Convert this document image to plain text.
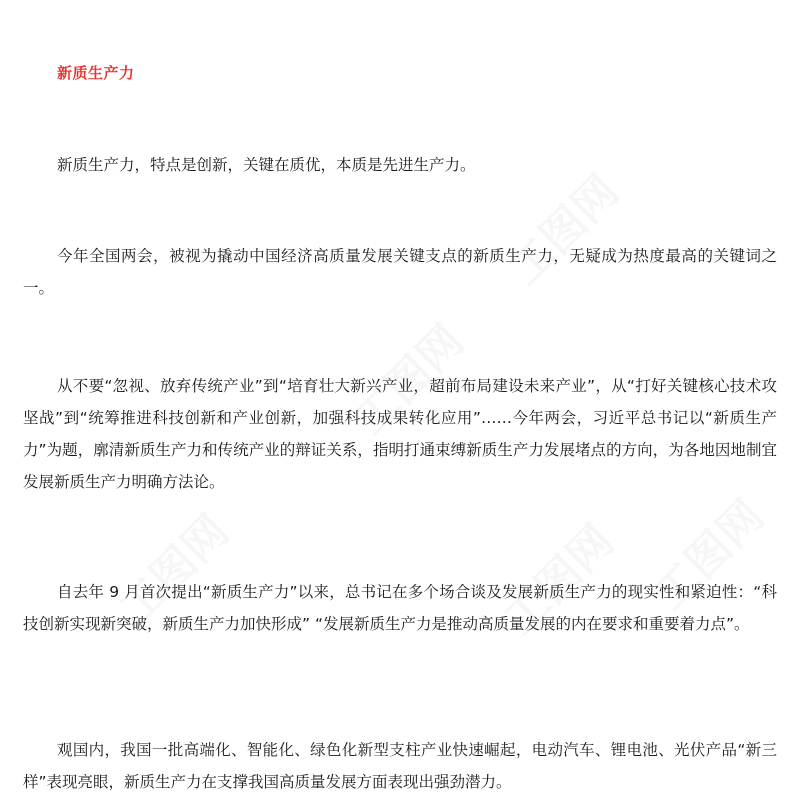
新质生产力

新质生产力，特点是创新，关键在质优，本质是先进生产力。

今年全国两会，被视为撬动中国经济高质量发展关键支点的新质生产力，无疑成为热度最高的关键词之一。

从不要“忽视、放弃传统产业”到“培育壮大新兴产业，超前布局建设未来产业”，从“打好关键核心技术攻坚战”到“统筹推进科技创新和产业创新，加强科技成果转化应用”……今年两会，习近平总书记以“新质生产力”为题，廓清新质生产力和传统产业的辩证关系，指明打通束缚新质生产力发展堵点的方向，为各地因地制宜发展新质生产力明确方法论。

自去年 9 月首次提出“新质生产力”以来，总书记在多个场合谈及发展新质生产力的现实性和紧迫性：“科技创新实现新突破，新质生产力加快形成” “发展新质生产力是推动高质量发展的内在要求和重要着力点”。

观国内，我国一批高端化、智能化、绿色化新型支柱产业快速崛起，电动汽车、锂电池、光伏产品“新三样”表现亮眼，新质生产力在支撑我国高质量发展方面表现出强劲潜力。
